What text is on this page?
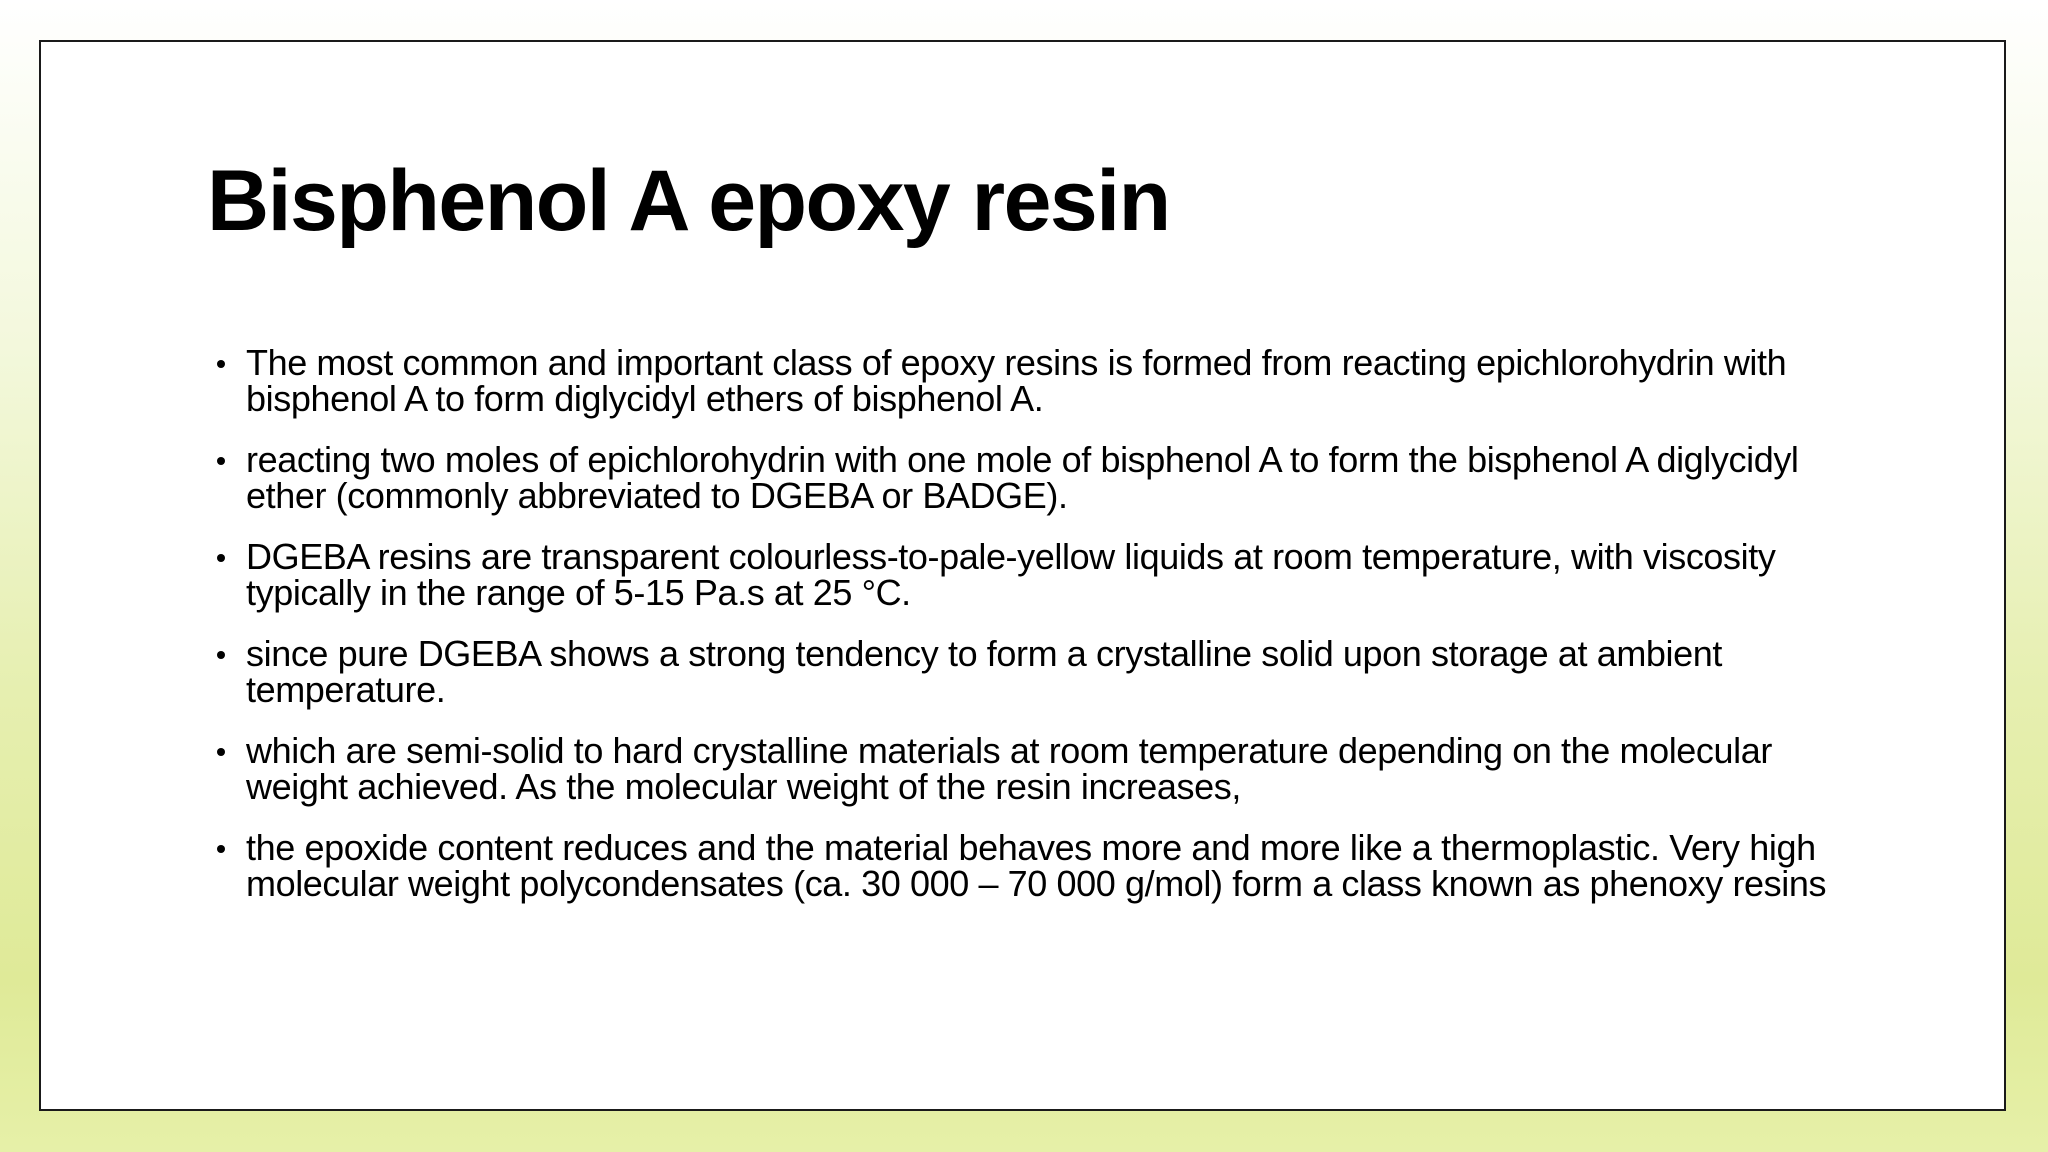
Bisphenol A epoxy resin
The most common and important class of epoxy resins is formed from reacting epichlorohydrin with bisphenol A to form diglycidyl ethers of bisphenol A.
reacting two moles of epichlorohydrin with one mole of bisphenol A to form the bisphenol A diglycidyl ether (commonly abbreviated to DGEBA or BADGE).
DGEBA resins are transparent colourless-to-pale-yellow liquids at room temperature, with viscosity typically in the range of 5-15 Pa.s at 25 °C.
since pure DGEBA shows a strong tendency to form a crystalline solid upon storage at ambient temperature.
which are semi-solid to hard crystalline materials at room temperature depending on the molecular weight achieved. As the molecular weight of the resin increases,
the epoxide content reduces and the material behaves more and more like a thermoplastic. Very high molecular weight polycondensates (ca. 30 000 – 70 000 g/mol) form a class known as phenoxy resins
